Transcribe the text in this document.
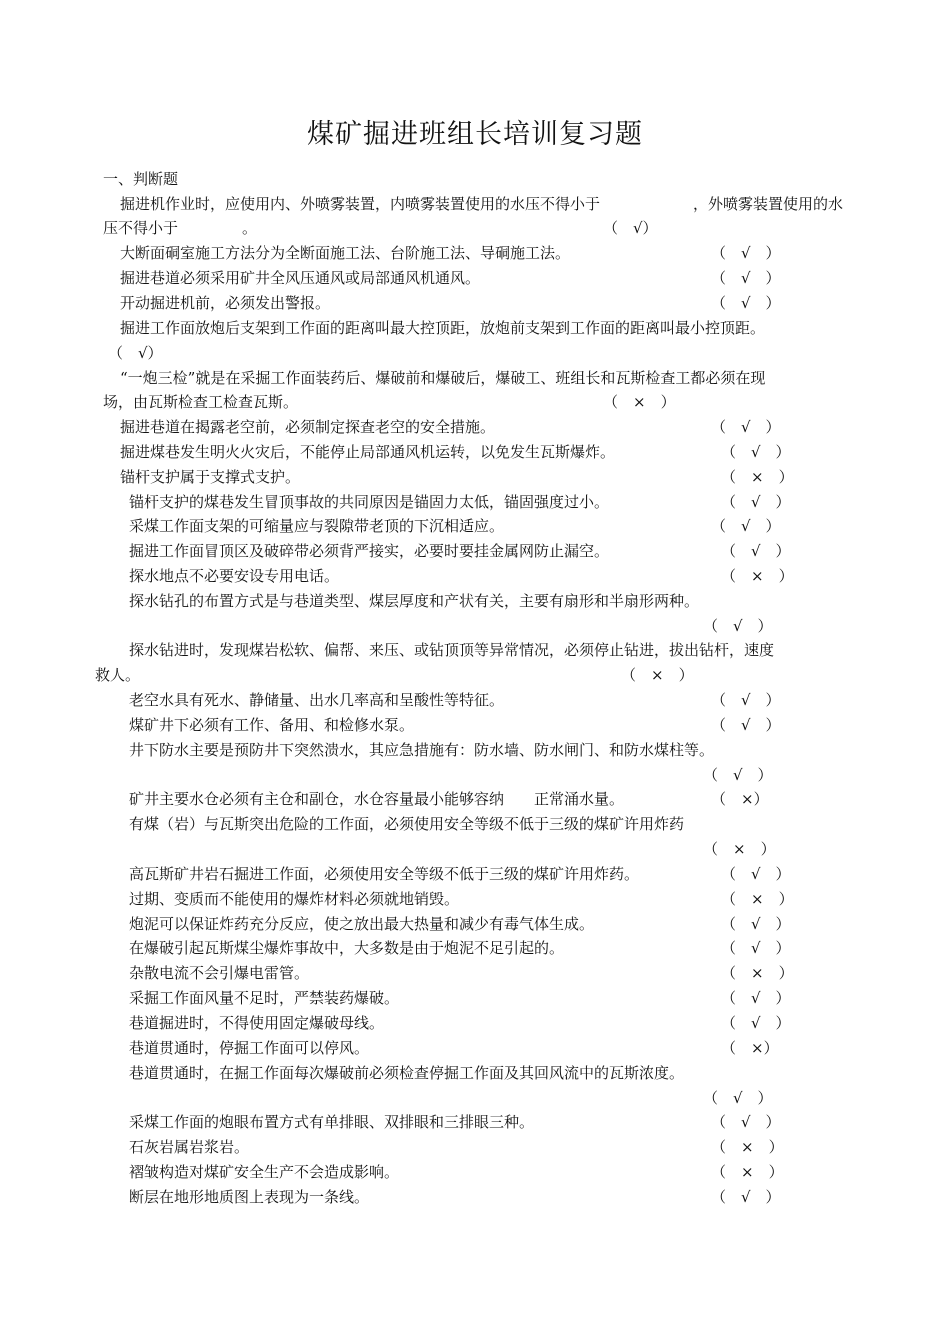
煤矿掘进班组长培训复习题
一、判断题
掘进机作业时，应使用内、外喷雾装置，内喷雾装置使用的水压不得小于	，外喷雾装置使用的水
压不得小于	。	（　√）
大断面硐室施工方法分为全断面施工法、台阶施工法、导硐施工法。	（　√　）
掘进巷道必须采用矿井全风压通风或局部通风机通风。	（　√　）
开动掘进机前，必须发出警报。	（　√　）
掘进工作面放炮后支架到工作面的距离叫最大控顶距，放炮前支架到工作面的距离叫最小控顶距。
（　√）
“一炮三检”就是在采掘工作面装药后、爆破前和爆破后，爆破工、班组长和瓦斯检查工都必须在现
场，由瓦斯检查工检查瓦斯。	（　×　）
掘进巷道在揭露老空前，必须制定探查老空的安全措施。	（　√　）
掘进煤巷发生明火火灾后，不能停止局部通风机运转，以免发生瓦斯爆炸。	（　√　）
锚杆支护属于支撑式支护。	（　×　）
锚杆支护的煤巷发生冒顶事故的共同原因是锚固力太低，锚固强度过小。	（　√　）
采煤工作面支架的可缩量应与裂隙带老顶的下沉相适应。	（　√　）
掘进工作面冒顶区及破碎带必须背严接实，必要时要挂金属网防止漏空。	（　√　）
探水地点不必要安设专用电话。	（　×　）
探水钻孔的布置方式是与巷道类型、煤层厚度和产状有关，主要有扇形和半扇形两种。
（　√　）
探水钻进时，发现煤岩松软、偏帮、来压、或钻顶顶等异常情况，必须停止钻进，拔出钻杆，速度
救人。	（　×　）
老空水具有死水、静储量、出水几率高和呈酸性等特征。	（　√　）
煤矿井下必须有工作、备用、和检修水泵。	（　√　）
井下防水主要是预防井下突然溃水，其应急措施有：防水墙、防水闸门、和防水煤柱等。
（　√　）
矿井主要水仓必须有主仓和副仓，水仓容量最小能够容纳　　正常涌水量。	（　×）
有煤（岩）与瓦斯突出危险的工作面，必须使用安全等级不低于三级的煤矿许用炸药
（　×　）
高瓦斯矿井岩石掘进工作面，必须使用安全等级不低于三级的煤矿许用炸药。	（　√　）
过期、变质而不能使用的爆炸材料必须就地销毁。	（　×　）
炮泥可以保证炸药充分反应，使之放出最大热量和减少有毒气体生成。	（　√　）
在爆破引起瓦斯煤尘爆炸事故中，大多数是由于炮泥不足引起的。	（　√　）
杂散电流不会引爆电雷管。	（　×　）
采掘工作面风量不足时，严禁装药爆破。	（　√　）
巷道掘进时，不得使用固定爆破母线。	（　√　）
巷道贯通时，停掘工作面可以停风。	（　×）
巷道贯通时，在掘工作面每次爆破前必须检查停掘工作面及其回风流中的瓦斯浓度。
（　√　）
采煤工作面的炮眼布置方式有单排眼、双排眼和三排眼三种。	（　√　）
石灰岩属岩浆岩。	（　×　）
褶皱构造对煤矿安全生产不会造成影响。	（　×　）
断层在地形地质图上表现为一条线。	（　√　）
